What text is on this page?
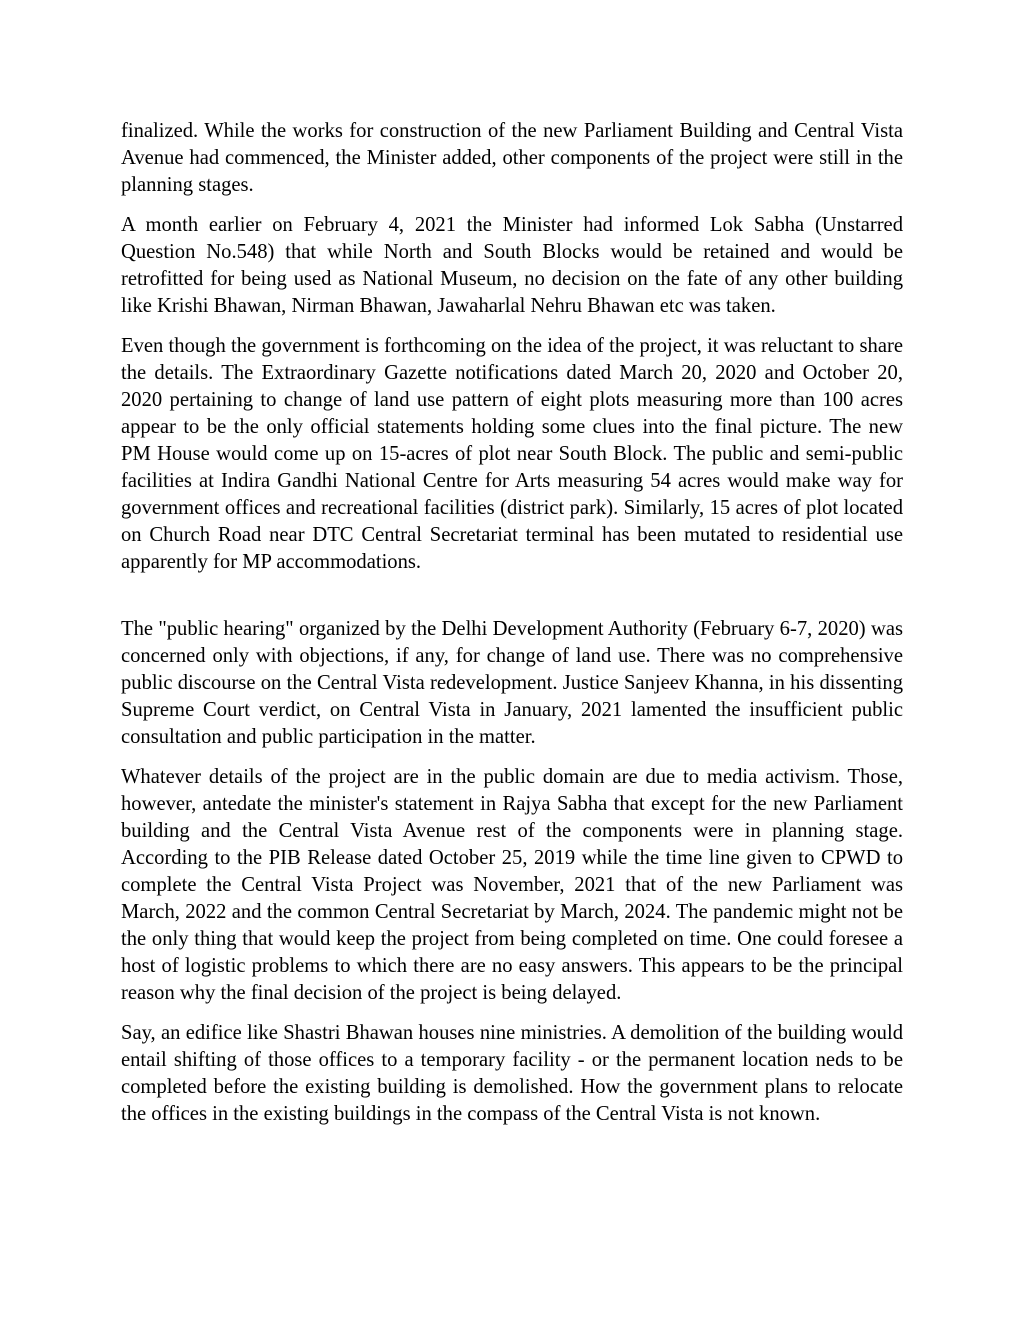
finalized. While the works for construction of the new Parliament Building and Central Vista Avenue had commenced, the Minister added, other components of the project were still in the planning stages.

A month earlier on February 4, 2021 the Minister had informed Lok Sabha (Unstarred Question No.548) that while North and South Blocks would be retained and would be retrofitted for being used as National Museum, no decision on the fate of any other building like Krishi Bhawan, Nirman Bhawan, Jawaharlal Nehru Bhawan etc was taken.

Even though the government is forthcoming on the idea of the project, it was reluctant to share the details. The Extraordinary Gazette notifications dated March 20, 2020 and October 20, 2020 pertaining to change of land use pattern of eight plots measuring more than 100 acres appear to be the only official statements holding some clues into the final picture. The new PM House would come up on 15-acres of plot near South Block. The public and semi-public facilities at Indira Gandhi National Centre for Arts measuring 54 acres would make way for government offices and recreational facilities (district park). Similarly, 15 acres of plot located on Church Road near DTC Central Secretariat terminal has been mutated to residential use apparently for MP accommodations.

The "public hearing" organized by the Delhi Development Authority (February 6-7, 2020) was concerned only with objections, if any, for change of land use. There was no comprehensive public discourse on the Central Vista redevelopment. Justice Sanjeev Khanna, in his dissenting Supreme Court verdict, on Central Vista in January, 2021 lamented the insufficient public consultation and public participation in the matter.

Whatever details of the project are in the public domain are due to media activism. Those, however, antedate the minister's statement in Rajya Sabha that except for the new Parliament building and the Central Vista Avenue rest of the components were in planning stage. According to the PIB Release dated October 25, 2019 while the time line given to CPWD to complete the Central Vista Project was November, 2021 that of the new Parliament was March, 2022 and the common Central Secretariat by March, 2024. The pandemic might not be the only thing that would keep the project from being completed on time. One could foresee a host of logistic problems to which there are no easy answers. This appears to be the principal reason why the final decision of the project is being delayed.

Say, an edifice like Shastri Bhawan houses nine ministries. A demolition of the building would entail shifting of those offices to a temporary facility - or the permanent location neds to be completed before the existing building is demolished. How the government plans to relocate the offices in the existing buildings in the compass of the Central Vista is not known.
